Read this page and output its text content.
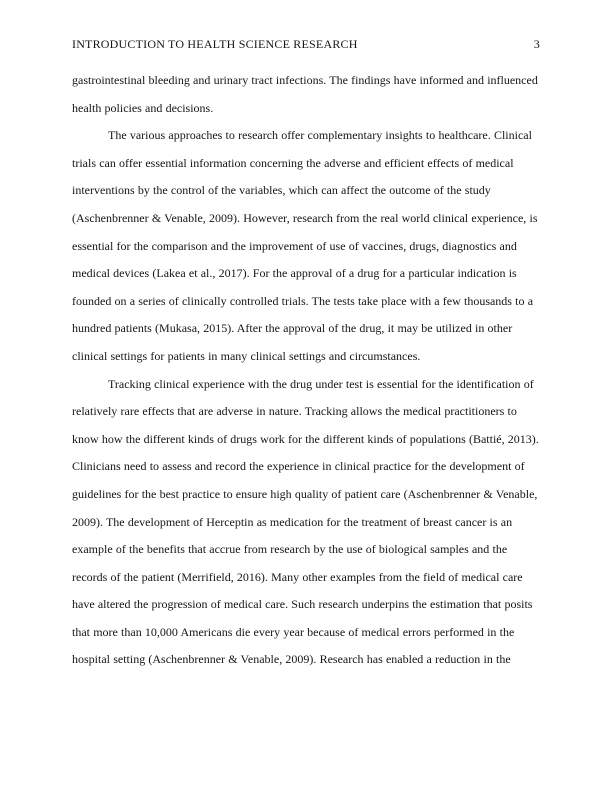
INTRODUCTION TO HEALTH SCIENCE RESEARCH	3

gastrointestinal bleeding and urinary tract infections. The findings have informed and influenced health policies and decisions.

The various approaches to research offer complementary insights to healthcare. Clinical trials can offer essential information concerning the adverse and efficient effects of medical interventions by the control of the variables, which can affect the outcome of the study (Aschenbrenner & Venable, 2009). However, research from the real world clinical experience, is essential for the comparison and the improvement of use of vaccines, drugs, diagnostics and medical devices (Lakea et al., 2017). For the approval of a drug for a particular indication is founded on a series of clinically controlled trials. The tests take place with a few thousands to a hundred patients (Mukasa, 2015). After the approval of the drug, it may be utilized in other clinical settings for patients in many clinical settings and circumstances.

Tracking clinical experience with the drug under test is essential for the identification of relatively rare effects that are adverse in nature. Tracking allows the medical practitioners to know how the different kinds of drugs work for the different kinds of populations (Battié, 2013). Clinicians need to assess and record the experience in clinical practice for the development of guidelines for the best practice to ensure high quality of patient care (Aschenbrenner & Venable, 2009). The development of Herceptin as medication for the treatment of breast cancer is an example of the benefits that accrue from research by the use of biological samples and the records of the patient (Merrifield, 2016). Many other examples from the field of medical care have altered the progression of medical care. Such research underpins the estimation that posits that more than 10,000 Americans die every year because of medical errors performed in the hospital setting (Aschenbrenner & Venable, 2009). Research has enabled a reduction in the
